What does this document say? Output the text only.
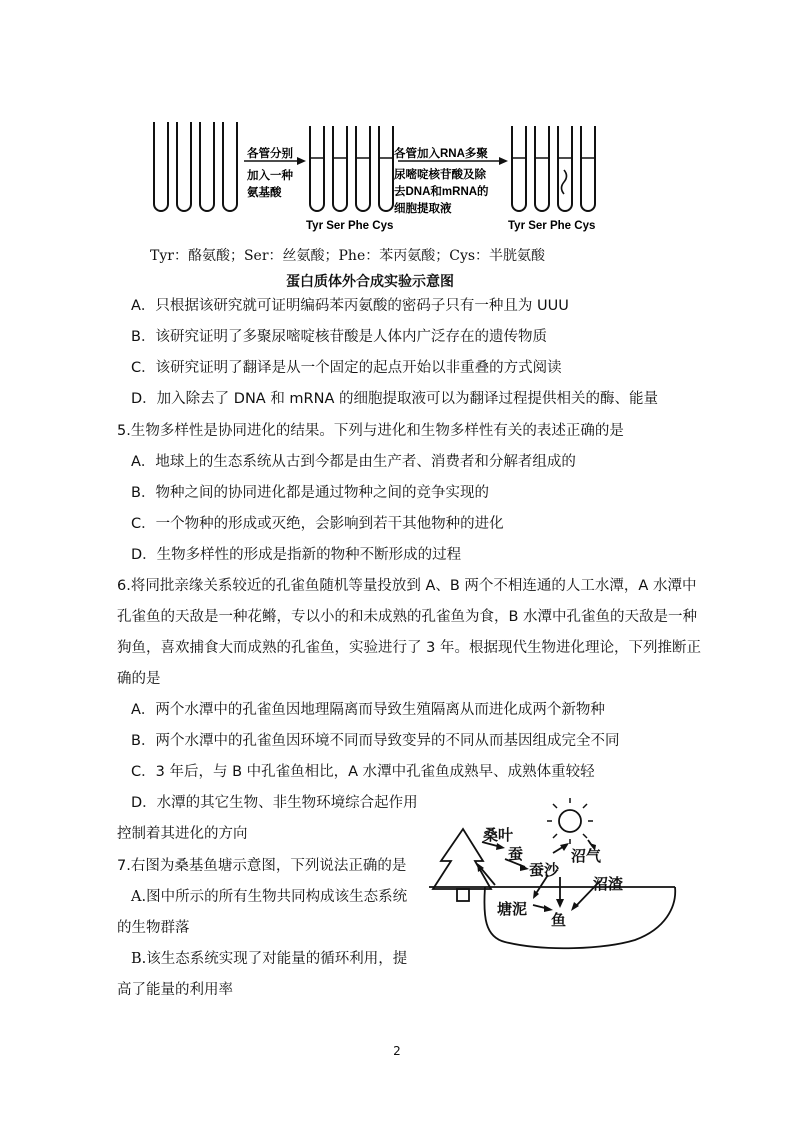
各管分别
加入一种
氨基酸
各管加入RNA多聚
尿嘧啶核苷酸及除
去DNA和mRNA的
细胞提取液
Tyr Ser Phe Cys	Tyr Ser Phe Cys
Tyr：酪氨酸；Ser：丝氨酸；Phe：苯丙氨酸；Cys：半胱氨酸
蛋白质体外合成实验示意图
A．只根据该研究就可证明编码苯丙氨酸的密码子只有一种且为 UUU
B．该研究证明了多聚尿嘧啶核苷酸是人体内广泛存在的遗传物质
C．该研究证明了翻译是从一个固定的起点开始以非重叠的方式阅读
D．加入除去了 DNA 和 mRNA 的细胞提取液可以为翻译过程提供相关的酶、能量
5.生物多样性是协同进化的结果。下列与进化和生物多样性有关的表述正确的是
A．地球上的生态系统从古到今都是由生产者、消费者和分解者组成的
B．物种之间的协同进化都是通过物种之间的竞争实现的
C．一个物种的形成或灭绝，会影响到若干其他物种的进化
D．生物多样性的形成是指新的物种不断形成的过程
6.将同批亲缘关系较近的孔雀鱼随机等量投放到 A、B 两个不相连通的人工水潭，A 水潭中
孔雀鱼的天敌是一种花鳉，专以小的和未成熟的孔雀鱼为食，B 水潭中孔雀鱼的天敌是一种
狗鱼，喜欢捕食大而成熟的孔雀鱼，实验进行了 3 年。根据现代生物进化理论，下列推断正
确的是
A．两个水潭中的孔雀鱼因地理隔离而导致生殖隔离从而进化成两个新物种
B．两个水潭中的孔雀鱼因环境不同而导致变异的不同从而基因组成完全不同
C．3 年后，与 B 中孔雀鱼相比，A 水潭中孔雀鱼成熟早、成熟体重较轻
D．水潭的其它生物、非生物环境综合起作用
控制着其进化的方向
7.右图为桑基鱼塘示意图，下列说法正确的是
A.图中所示的所有生物共同构成该生态系统
的生物群落
B.该生态系统实现了对能量的循环利用，提
高了能量的利用率
桑叶
蚕
蚕沙
沼气
沼渣
塘泥
鱼
2
